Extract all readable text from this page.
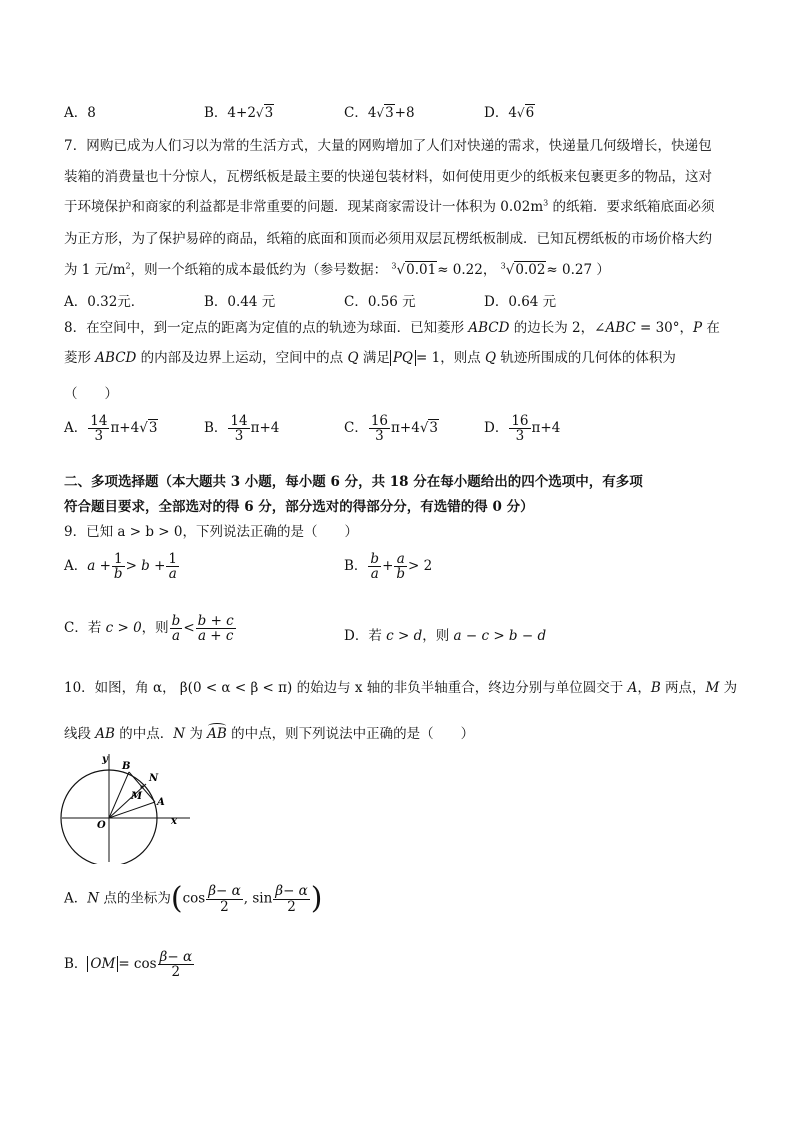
A．8	B．4+2√3	C．4√3+8	D．4√6
7．网购已成为人们习以为常的生活方式，大量的网购增加了人们对快递的需求，快递量几何级增长，快递包
装箱的消费量也十分惊人，瓦楞纸板是最主要的快递包装材料，如何使用更少的纸板来包裹更多的物品，这对
于环境保护和商家的利益都是非常重要的问题．现某商家需设计一体积为 $0.02m^3$ 的纸箱．要求纸箱底面必须
为正方形，为了保护易碎的商品，纸箱的底面和顶而必须用双层瓦楞纸板制成．已知瓦楞纸板的市场价格大约
为 1 元$/m^2$，则一个纸箱的成本最低约为（参号数据： $^3$√0.01≈ 0.22， $^3$√0.02≈ 0.27 ）
A．0.32元．	B．0.44 元	C．0.56 元	D．0.64 元
8．在空间中，到一定点的距离为定值的点的轨迹为球面．已知菱形 ABCD 的边长为 2，∠ABC = 30°，P 在
菱形 ABCD 的内部及边界上运动，空间中的点 Q 满足 PQ = 1，则点 Q 轨迹所围成的几何体的体积为
（　　）
A． $\frac{14}{3} \pi+4√3$	B． $\frac{14}{3} \pi+4$	C． $\frac{16}{3} \pi+4√3$	D． $\frac{16}{3} \pi+4$
二、多项选择题（本大题共 3 小题，每小题 6 分，共 18 分在每小题给出的四个选项中，有多项
符合题目要求，全部选对的得 6 分，部分选对的得部分分，有选错的得 0 分）
9．已知 a > b > 0，下列说法正确的是（　　）
A．$a + \frac{1}{b} > b + \frac{1}{a}$	B． $\frac{b}{a} + \frac{a}{b} > 2$
C．若 c > 0，则 $\frac{b}{a} < \frac{b + c}{a + c}$	D．若 c > d，则 a − c > b − d
10．如图，角 α， β(0 < α < β < π) 的始边与 x 轴的非负半轴重合，终边分别与单位圆交于 A，B 两点，M 为
线段 AB 的中点．N 为
AB 的中点，则下列说法中正确的是（　　）
y
x
O
B
N
M
A
A．N 点的坐标为($\cos \frac{\beta- \alpha}{2}$ , $\sin \frac{\beta- \alpha}{2}$ )
B． OM = $\cos \frac{\beta- \alpha}{2}$
